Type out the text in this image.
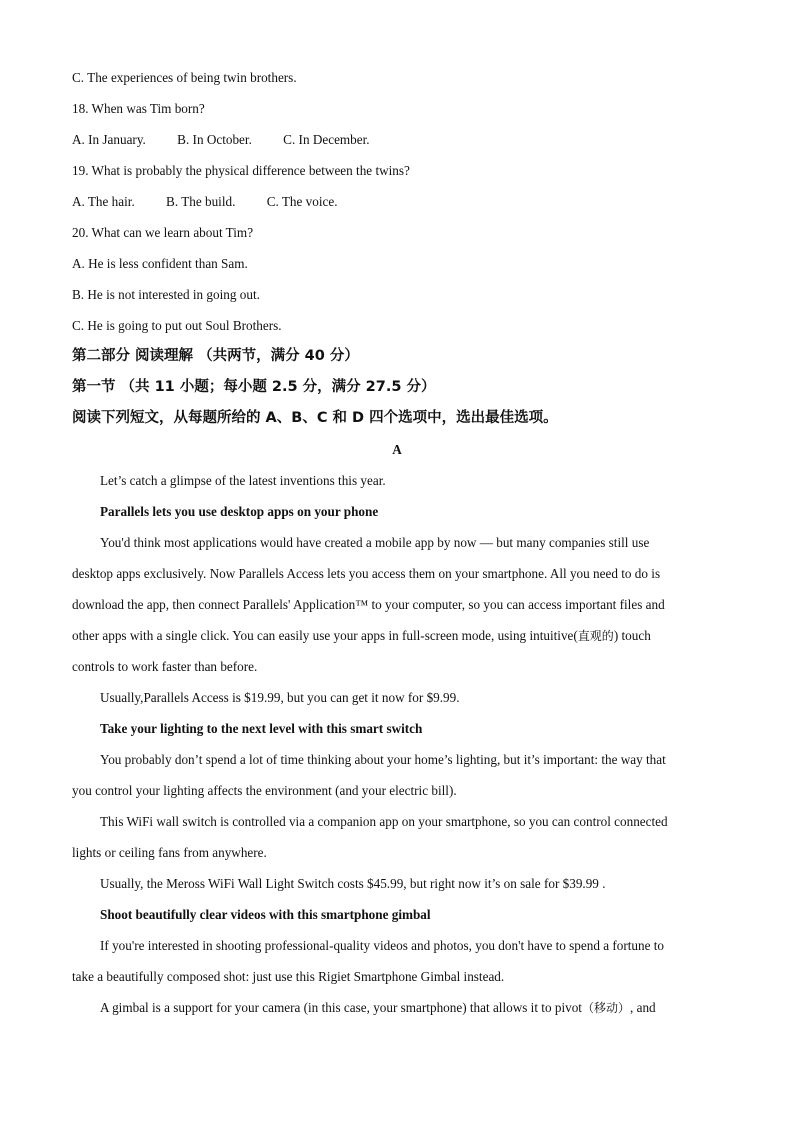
C. The experiences of being twin brothers.
18. When was Tim born?
A. In January. B. In October. C. In December.
19. What is probably the physical difference between the twins?
A. The hair. B. The build. C. The voice.
20. What can we learn about Tim?
A. He is less confident than Sam.
B. He is not interested in going out.
C. He is going to put out Soul Brothers.
第二部分 阅读理解 （共两节，满分 40 分）
第一节 （共 11 小题；每小题 2.5 分，满分 27.5 分）
阅读下列短文，从每题所给的 A、B、C 和 D 四个选项中，选出最佳选项。
A
Let’s catch a glimpse of the latest inventions this year.
Parallels lets you use desktop apps on your phone
You'd think most applications would have created a mobile app by now — but many companies still use
desktop apps exclusively. Now Parallels Access lets you access them on your smartphone. All you need to do is
download the app, then connect Parallels' Application™ to your computer, so you can access important files and
other apps with a single click. You can easily use your apps in full-screen mode, using intuitive(直观的) touch
controls to work faster than before.
Usually,Parallels Access is $19.99, but you can get it now for $9.99.
Take your lighting to the next level with this smart switch
You probably don’t spend a lot of time thinking about your home’s lighting, but it’s important: the way that
you control your lighting affects the environment (and your electric bill).
This WiFi wall switch is controlled via a companion app on your smartphone, so you can control connected
lights or ceiling fans from anywhere.
Usually, the Meross WiFi Wall Light Switch costs $45.99, but right now it’s on sale for $39.99 .
Shoot beautifully clear videos with this smartphone gimbal
If you're interested in shooting professional-quality videos and photos, you don't have to spend a fortune to
take a beautifully composed shot: just use this Rigiet Smartphone Gimbal instead.
A gimbal is a support for your camera (in this case, your smartphone) that allows it to pivot（移动）, and
